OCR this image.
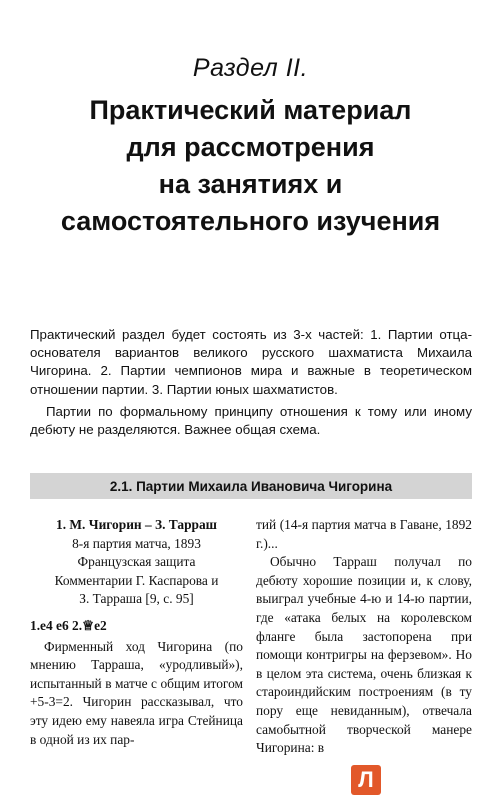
Раздел II.
Практический материал
для рассмотрения
на занятиях и
самостоятельного изучения

Практический раздел будет состоять из 3-х частей: 1. Партии отца-основателя вариантов великого русского шахматиста Михаила Чигорина. 2. Партии чемпионов мира и важные в теоретическом отношении партии. 3. Партии юных шахматистов.

Партии по формальному принципу отношения к тому или иному дебюту не разделяются. Важнее общая схема.

2.1. Партии Михаила Ивановича Чигорина
1. М. Чигорин – З. Тарраш
8-я партия матча, 1893
Французская защита
Комментарии Г. Каспарова и
З. Тарраша [9, с. 95]
1.e4 e6 2.♕e2
Фирменный ход Чигорина (по мнению Тарраша, «уродливый»), испытанный в матче с общим итогом +5-3=2. Чигорин рассказывал, что эту идею ему навеяла игра Стейница в одной из их пар-

тий (14-я партия матча в Гаване, 1892 г.)...

Обычно Тарраш получал по дебюту хорошие позиции и, к слову, выиграл учебные 4-ю и 14-ю партии, где «атака белых на королевском фланге была застопорена при помощи контригры на ферзевом». Но в целом эта система, очень близкая к староиндийским построениям (в ту пору еще невиданным), отвечала самобытной творческой манере Чигорина: в

Л
